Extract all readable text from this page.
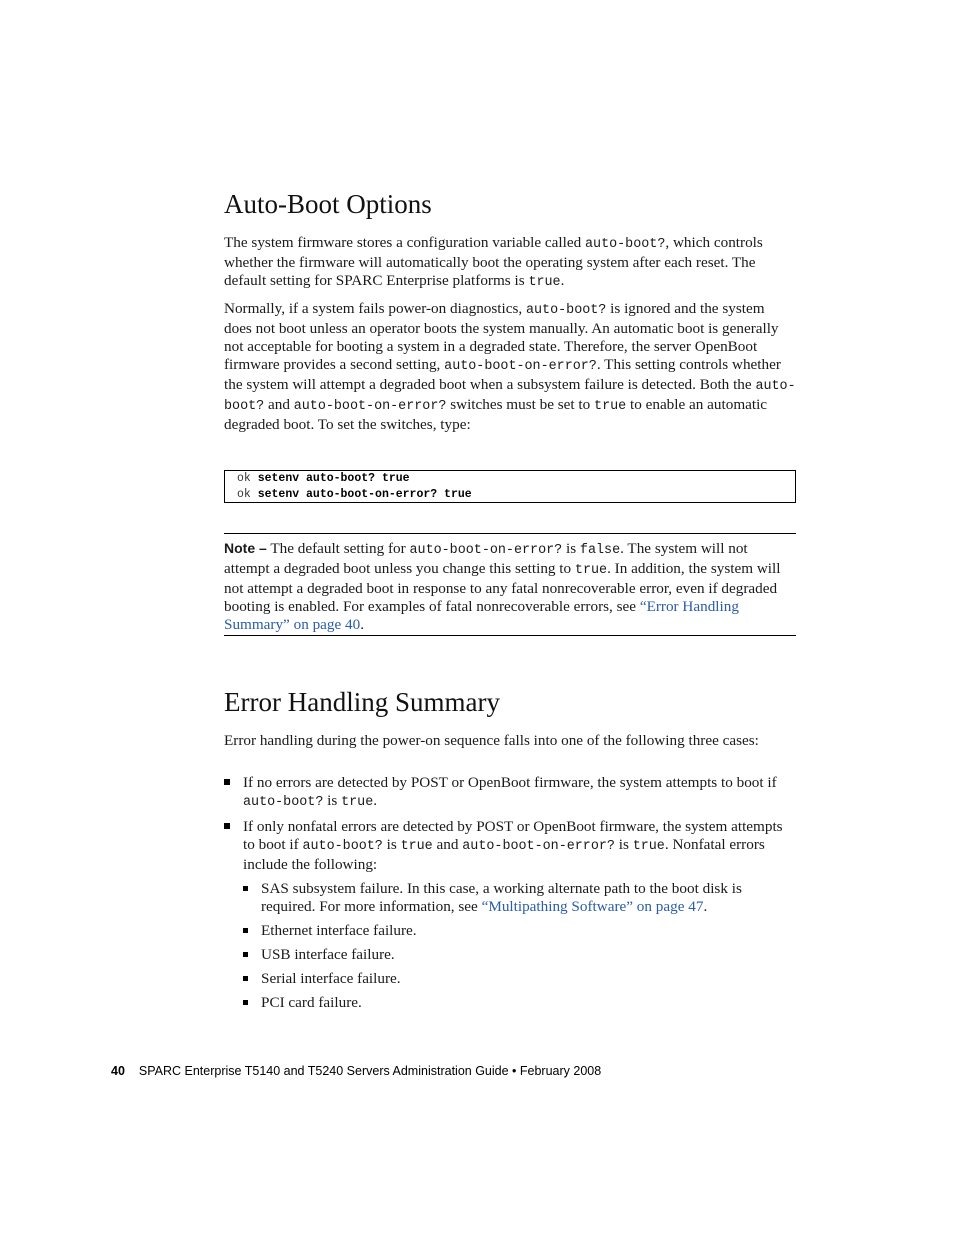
Auto-Boot Options

The system firmware stores a configuration variable called auto-boot?, which controls whether the firmware will automatically boot the operating system after each reset. The default setting for SPARC Enterprise platforms is true.

Normally, if a system fails power-on diagnostics, auto-boot? is ignored and the system does not boot unless an operator boots the system manually. An automatic boot is generally not acceptable for booting a system in a degraded state. Therefore, the server OpenBoot firmware provides a second setting, auto-boot-on-error?. This setting controls whether the system will attempt a degraded boot when a subsystem failure is detected. Both the auto-boot? and auto-boot-on-error? switches must be set to true to enable an automatic degraded boot. To set the switches, type:

ok setenv auto-boot? true
ok setenv auto-boot-on-error? true

Note – The default setting for auto-boot-on-error? is false. The system will not attempt a degraded boot unless you change this setting to true. In addition, the system will not attempt a degraded boot in response to any fatal nonrecoverable error, even if degraded booting is enabled. For examples of fatal nonrecoverable errors, see “Error Handling Summary” on page 40.

Error Handling Summary

Error handling during the power-on sequence falls into one of the following three cases:

If no errors are detected by POST or OpenBoot firmware, the system attempts to boot if auto-boot? is true.
If only nonfatal errors are detected by POST or OpenBoot firmware, the system attempts to boot if auto-boot? is true and auto-boot-on-error? is true. Nonfatal errors include the following:
SAS subsystem failure. In this case, a working alternate path to the boot disk is required. For more information, see “Multipathing Software” on page 47.
Ethernet interface failure.
USB interface failure.
Serial interface failure.
PCI card failure.
40 SPARC Enterprise T5140 and T5240 Servers Administration Guide • February 2008
